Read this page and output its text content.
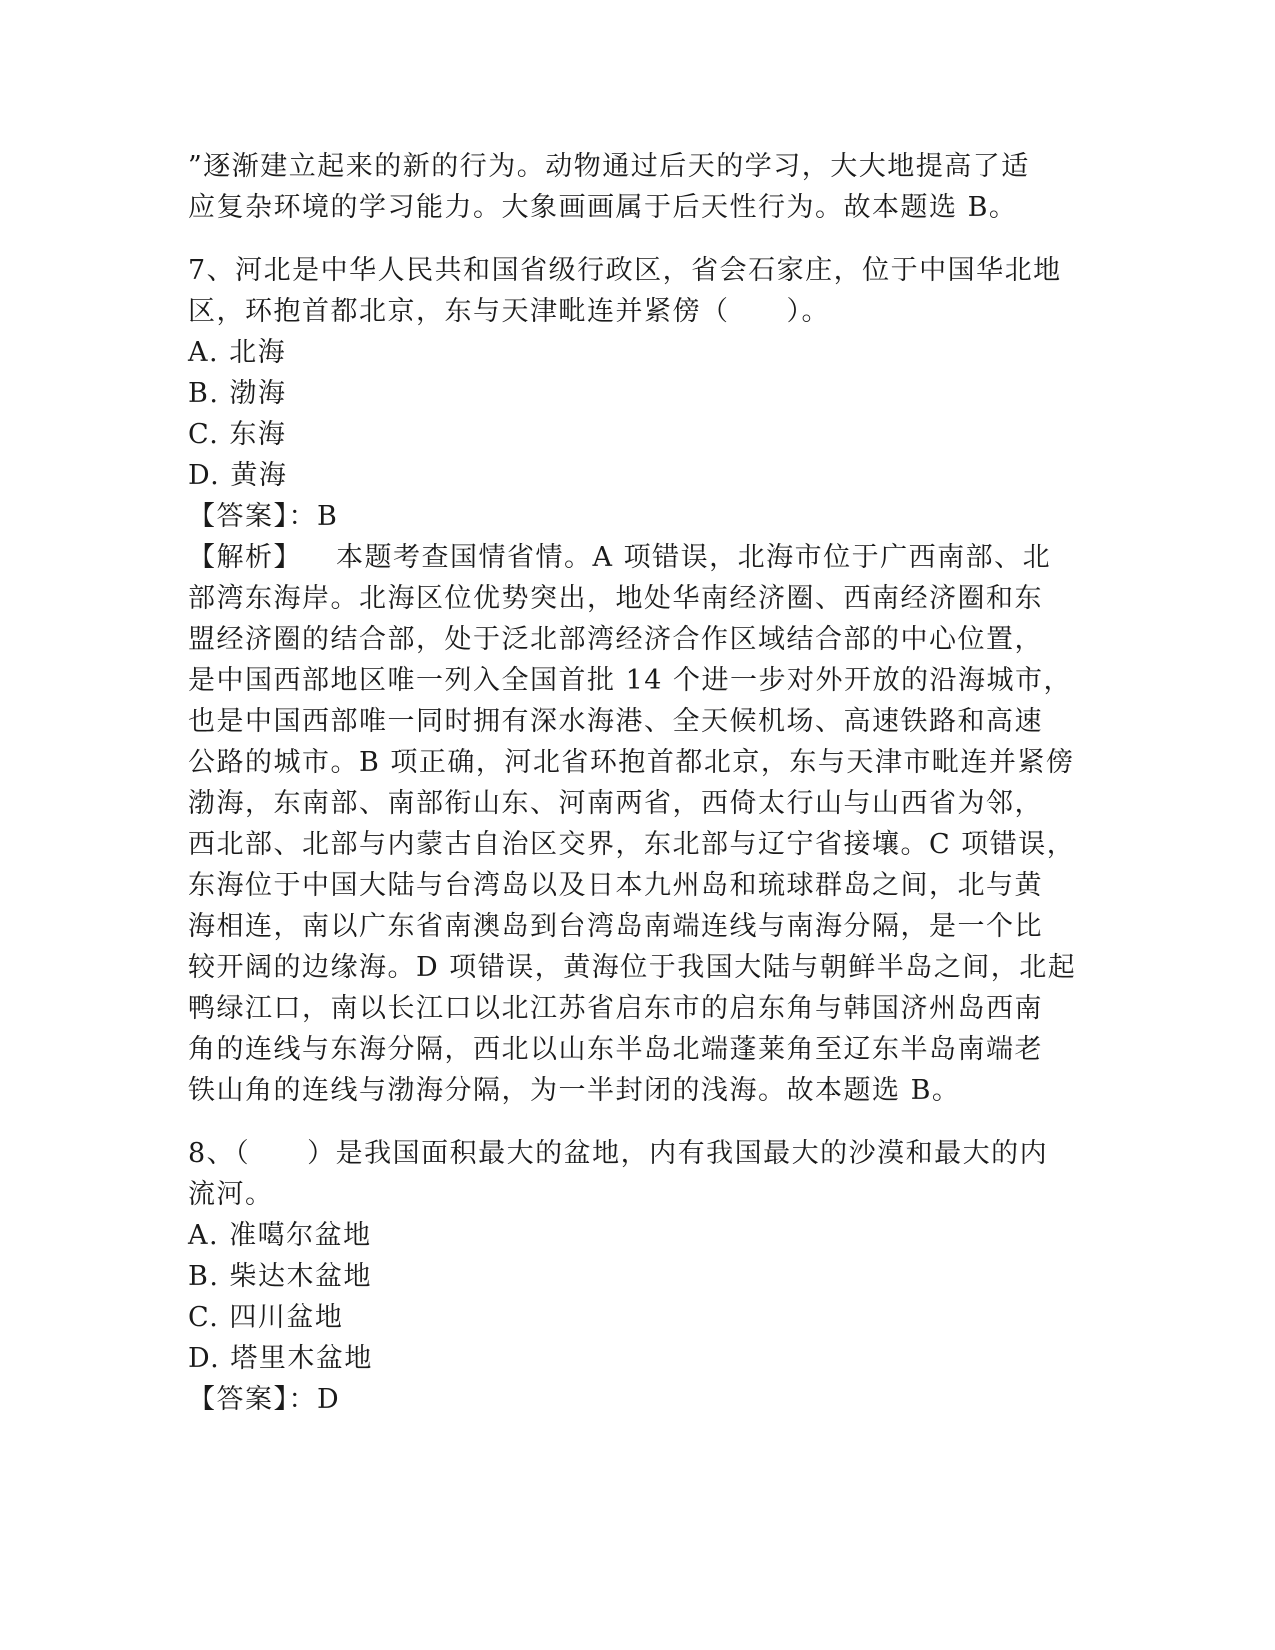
”逐渐建立起来的新的行为。动物通过后天的学习，大大地提高了适
应复杂环境的学习能力。大象画画属于后天性行为。故本题选 B。
7、河北是中华人民共和国省级行政区，省会石家庄，位于中国华北地
区，环抱首都北京，东与天津毗连并紧傍（　　）。
A. 北海
B. 渤海
C. 东海
D. 黄海
【答案】：B
【解析】 本题考查国情省情。A 项错误，北海市位于广西南部、北
部湾东海岸。北海区位优势突出，地处华南经济圈、西南经济圈和东
盟经济圈的结合部，处于泛北部湾经济合作区域结合部的中心位置，
是中国西部地区唯一列入全国首批 14 个进一步对外开放的沿海城市，
也是中国西部唯一同时拥有深水海港、全天候机场、高速铁路和高速
公路的城市。B 项正确，河北省环抱首都北京，东与天津市毗连并紧傍
渤海，东南部、南部衔山东、河南两省，西倚太行山与山西省为邻，
西北部、北部与内蒙古自治区交界，东北部与辽宁省接壤。C 项错误，
东海位于中国大陆与台湾岛以及日本九州岛和琉球群岛之间，北与黄
海相连，南以广东省南澳岛到台湾岛南端连线与南海分隔，是一个比
较开阔的边缘海。D 项错误，黄海位于我国大陆与朝鲜半岛之间，北起
鸭绿江口，南以长江口以北江苏省启东市的启东角与韩国济州岛西南
角的连线与东海分隔，西北以山东半岛北端蓬莱角至辽东半岛南端老
铁山角的连线与渤海分隔，为一半封闭的浅海。故本题选 B。
8、（　　）是我国面积最大的盆地，内有我国最大的沙漠和最大的内
流河。
A. 准噶尔盆地
B. 柴达木盆地
C. 四川盆地
D. 塔里木盆地
【答案】：D
